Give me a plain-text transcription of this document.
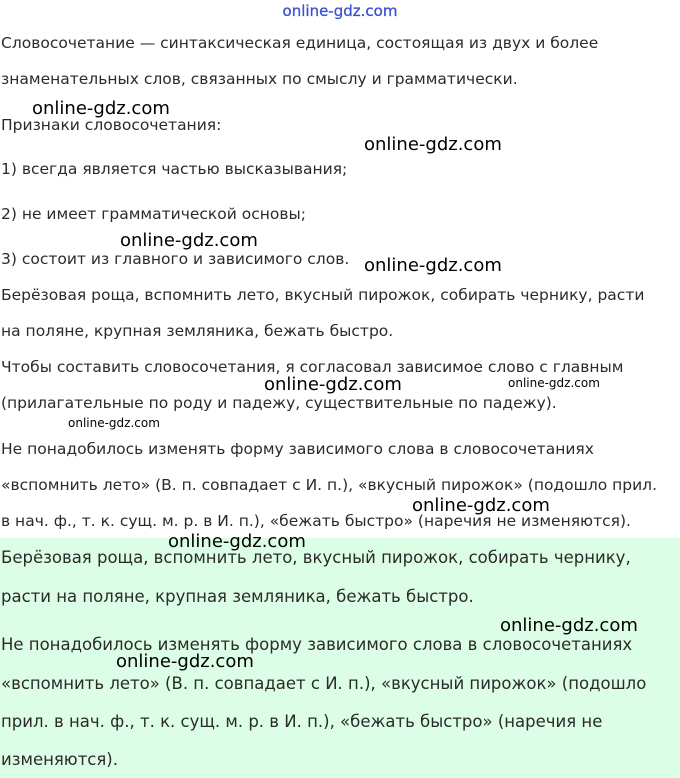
online-gdz.com
Словосочетание — синтаксическая единица, состоящая из двух и более
знаменательных слов, связанных по смыслу и грамматически.
Признаки словосочетания:
1) всегда является частью высказывания;
2) не имеет грамматической основы;
3) состоит из главного и зависимого слов.
Берёзовая роща, вспомнить лето, вкусный пирожок, собирать чернику, расти
на поляне, крупная земляника, бежать быстро.
Чтобы составить словосочетания, я согласовал зависимое слово с главным
(прилагательные по роду и падежу, существительные по падежу).
Не понадобилось изменять форму зависимого слова в словосочетаниях
«вспомнить лето» (В. п. совпадает с И. п.), «вкусный пирожок» (подошло прил.
в нач. ф., т. к. сущ. м. р. в И. п.), «бежать быстро» (наречия не изменяются).
Берёзовая роща, вспомнить лето, вкусный пирожок, собирать чернику,
расти на поляне, крупная земляника, бежать быстро.
Не понадобилось изменять форму зависимого слова в словосочетаниях
«вспомнить лето» (В. п. совпадает с И. п.), «вкусный пирожок» (подошло
прил. в нач. ф., т. к. сущ. м. р. в И. п.), «бежать быстро» (наречия не
изменяются).
online-gdz.com
online-gdz.com
online-gdz.com
online-gdz.com
online-gdz.com	online-gdz.com
online-gdz.com
online-gdz.com
online-gdz.com
online-gdz.com
online-gdz.com
